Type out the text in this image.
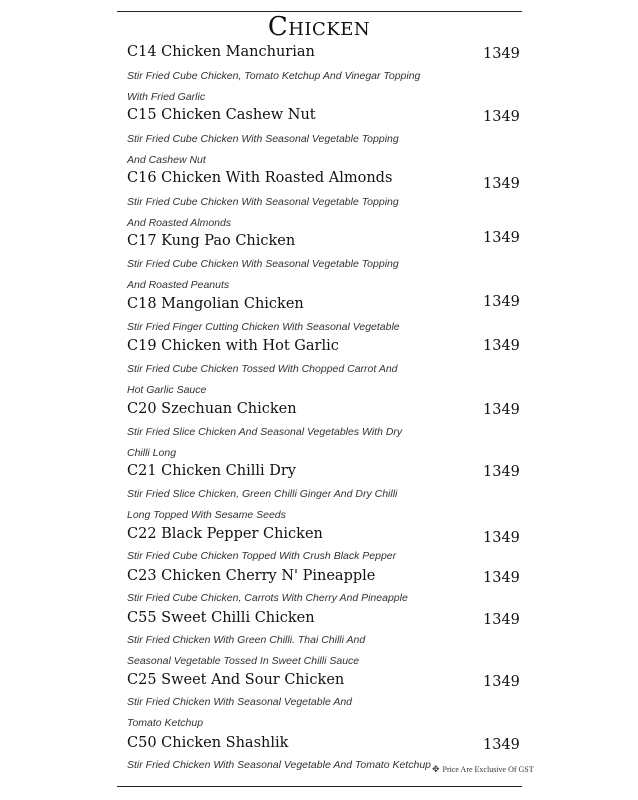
Chicken
C14 Chicken Manchurian	1349
Stir Fried Cube Chicken, Tomato Ketchup And Vinegar Topping
With Fried Garlic
C15 Chicken Cashew Nut	1349
Stir Fried Cube Chicken With Seasonal Vegetable Topping
And Cashew Nut
C16 Chicken With Roasted Almonds	1349
Stir Fried Cube Chicken With Seasonal Vegetable Topping
And Roasted Almonds
C17 Kung Pao Chicken	1349
Stir Fried Cube Chicken With Seasonal Vegetable Topping
And Roasted Peanuts
C18 Mangolian Chicken	1349
Stir Fried Finger Cutting Chicken With Seasonal Vegetable
C19 Chicken with Hot Garlic	1349
Stir Fried Cube Chicken Tossed With Chopped Carrot And
Hot Garlic Sauce
C20 Szechuan Chicken	1349
Stir Fried Slice Chicken And Seasonal Vegetables With Dry
Chilli Long
C21 Chicken Chilli Dry	1349
Stir Fried Slice Chicken, Green Chilli Ginger And Dry Chilli
Long Topped With Sesame Seeds
C22 Black Pepper Chicken	1349
Stir Fried Cube Chicken Topped With Crush Black Pepper
C23 Chicken Cherry N' Pineapple	1349
Stir Fried Cube Chicken, Carrots With Cherry And Pineapple
C55 Sweet Chilli Chicken	1349
Stir Fried Chicken With Green Chilli. Thai Chilli And
Seasonal Vegetable Tossed In Sweet Chilli Sauce
C25 Sweet And Sour Chicken	1349
Stir Fried Chicken With Seasonal Vegetable And
Tomato Ketchup
C50 Chicken Shashlik	1349
Stir Fried Chicken With Seasonal Vegetable And Tomato Ketchup ✥ Price Are Exclusive Of GST
